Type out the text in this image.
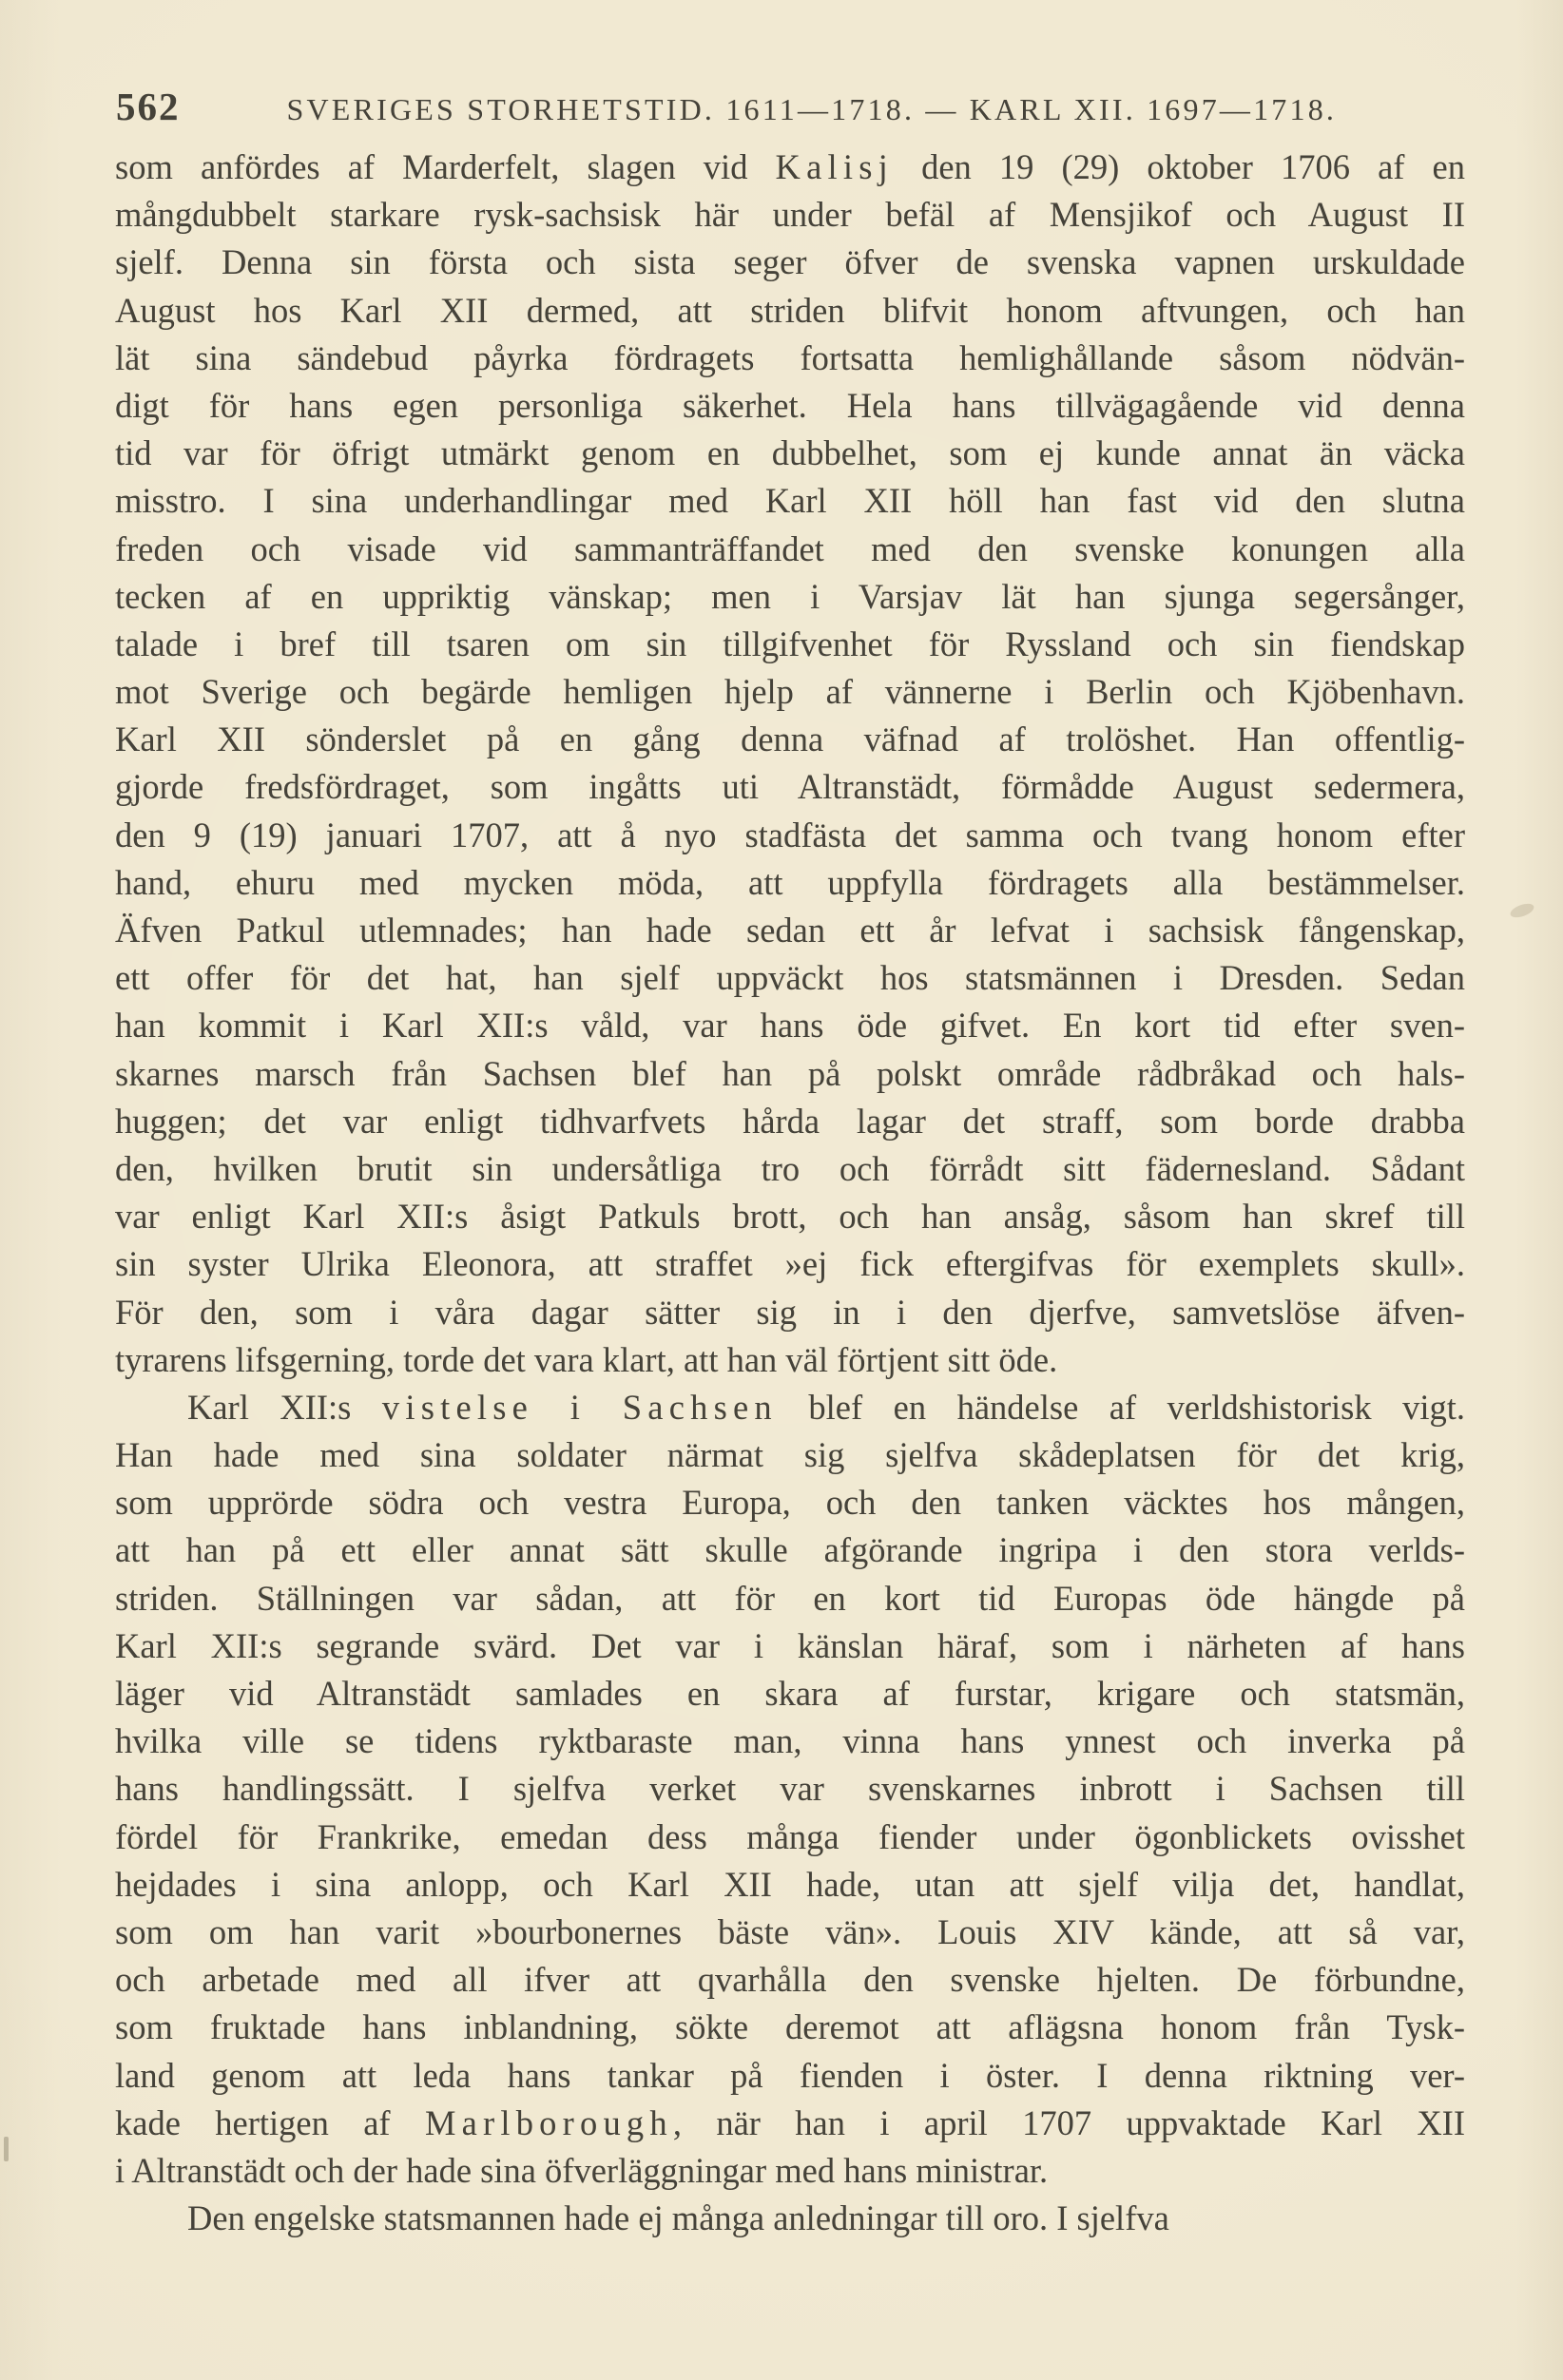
562	SVERIGES STORHETSTID. 1611—1718. — KARL XII. 1697—1718.
som anfördes af Marderfelt, slagen vid Kalisj den 19 (29) oktober 1706 af en
mångdubbelt starkare rysk-sachsisk här under befäl af Mensjikof och August II
sjelf. Denna sin första och sista seger öfver de svenska vapnen urskuldade
August hos Karl XII dermed, att striden blifvit honom aftvungen, och han
lät sina sändebud påyrka fördragets fortsatta hemlighållande såsom nödvän-
digt för hans egen personliga säkerhet. Hela hans tillvägagående vid denna
tid var för öfrigt utmärkt genom en dubbelhet, som ej kunde annat än väcka
misstro. I sina underhandlingar med Karl XII höll han fast vid den slutna
freden och visade vid sammanträffandet med den svenske konungen alla
tecken af en uppriktig vänskap; men i Varsjav lät han sjunga segersånger,
talade i bref till tsaren om sin tillgifvenhet för Ryssland och sin fiendskap
mot Sverige och begärde hemligen hjelp af vännerne i Berlin och Kjöbenhavn.
Karl XII sönderslet på en gång denna väfnad af trolöshet. Han offentlig-
gjorde fredsfördraget, som ingåtts uti Altranstädt, förmådde August sedermera,
den 9 (19) januari 1707, att å nyo stadfästa det samma och tvang honom efter
hand, ehuru med mycken möda, att uppfylla fördragets alla bestämmelser.
Äfven Patkul utlemnades; han hade sedan ett år lefvat i sachsisk fångenskap,
ett offer för det hat, han sjelf uppväckt hos statsmännen i Dresden. Sedan
han kommit i Karl XII:s våld, var hans öde gifvet. En kort tid efter sven-
skarnes marsch från Sachsen blef han på polskt område rådbråkad och hals-
huggen; det var enligt tidhvarfvets hårda lagar det straff, som borde drabba
den, hvilken brutit sin undersåtliga tro och förrådt sitt fädernesland. Sådant
var enligt Karl XII:s åsigt Patkuls brott, och han ansåg, såsom han skref till
sin syster Ulrika Eleonora, att straffet »ej fick eftergifvas för exemplets skull».
För den, som i våra dagar sätter sig in i den djerfve, samvetslöse äfven-
tyrarens lifsgerning, torde det vara klart, att han väl förtjent sitt öde.
Karl XII:s vistelse i Sachsen blef en händelse af verldshistorisk vigt.
Han hade med sina soldater närmat sig sjelfva skådeplatsen för det krig,
som upprörde södra och vestra Europa, och den tanken väcktes hos mången,
att han på ett eller annat sätt skulle afgörande ingripa i den stora verlds-
striden. Ställningen var sådan, att för en kort tid Europas öde hängde på
Karl XII:s segrande svärd. Det var i känslan häraf, som i närheten af hans
läger vid Altranstädt samlades en skara af furstar, krigare och statsmän,
hvilka ville se tidens ryktbaraste man, vinna hans ynnest och inverka på
hans handlingssätt. I sjelfva verket var svenskarnes inbrott i Sachsen till
fördel för Frankrike, emedan dess många fiender under ögonblickets ovisshet
hejdades i sina anlopp, och Karl XII hade, utan att sjelf vilja det, handlat,
som om han varit »bourbonernes bäste vän». Louis XIV kände, att så var,
och arbetade med all ifver att qvarhålla den svenske hjelten. De förbundne,
som fruktade hans inblandning, sökte deremot att aflägsna honom från Tysk-
land genom att leda hans tankar på fienden i öster. I denna riktning ver-
kade hertigen af Marlborough, när han i april 1707 uppvaktade Karl XII
i Altranstädt och der hade sina öfverläggningar med hans ministrar.
Den engelske statsmannen hade ej många anledningar till oro. I sjelfva
